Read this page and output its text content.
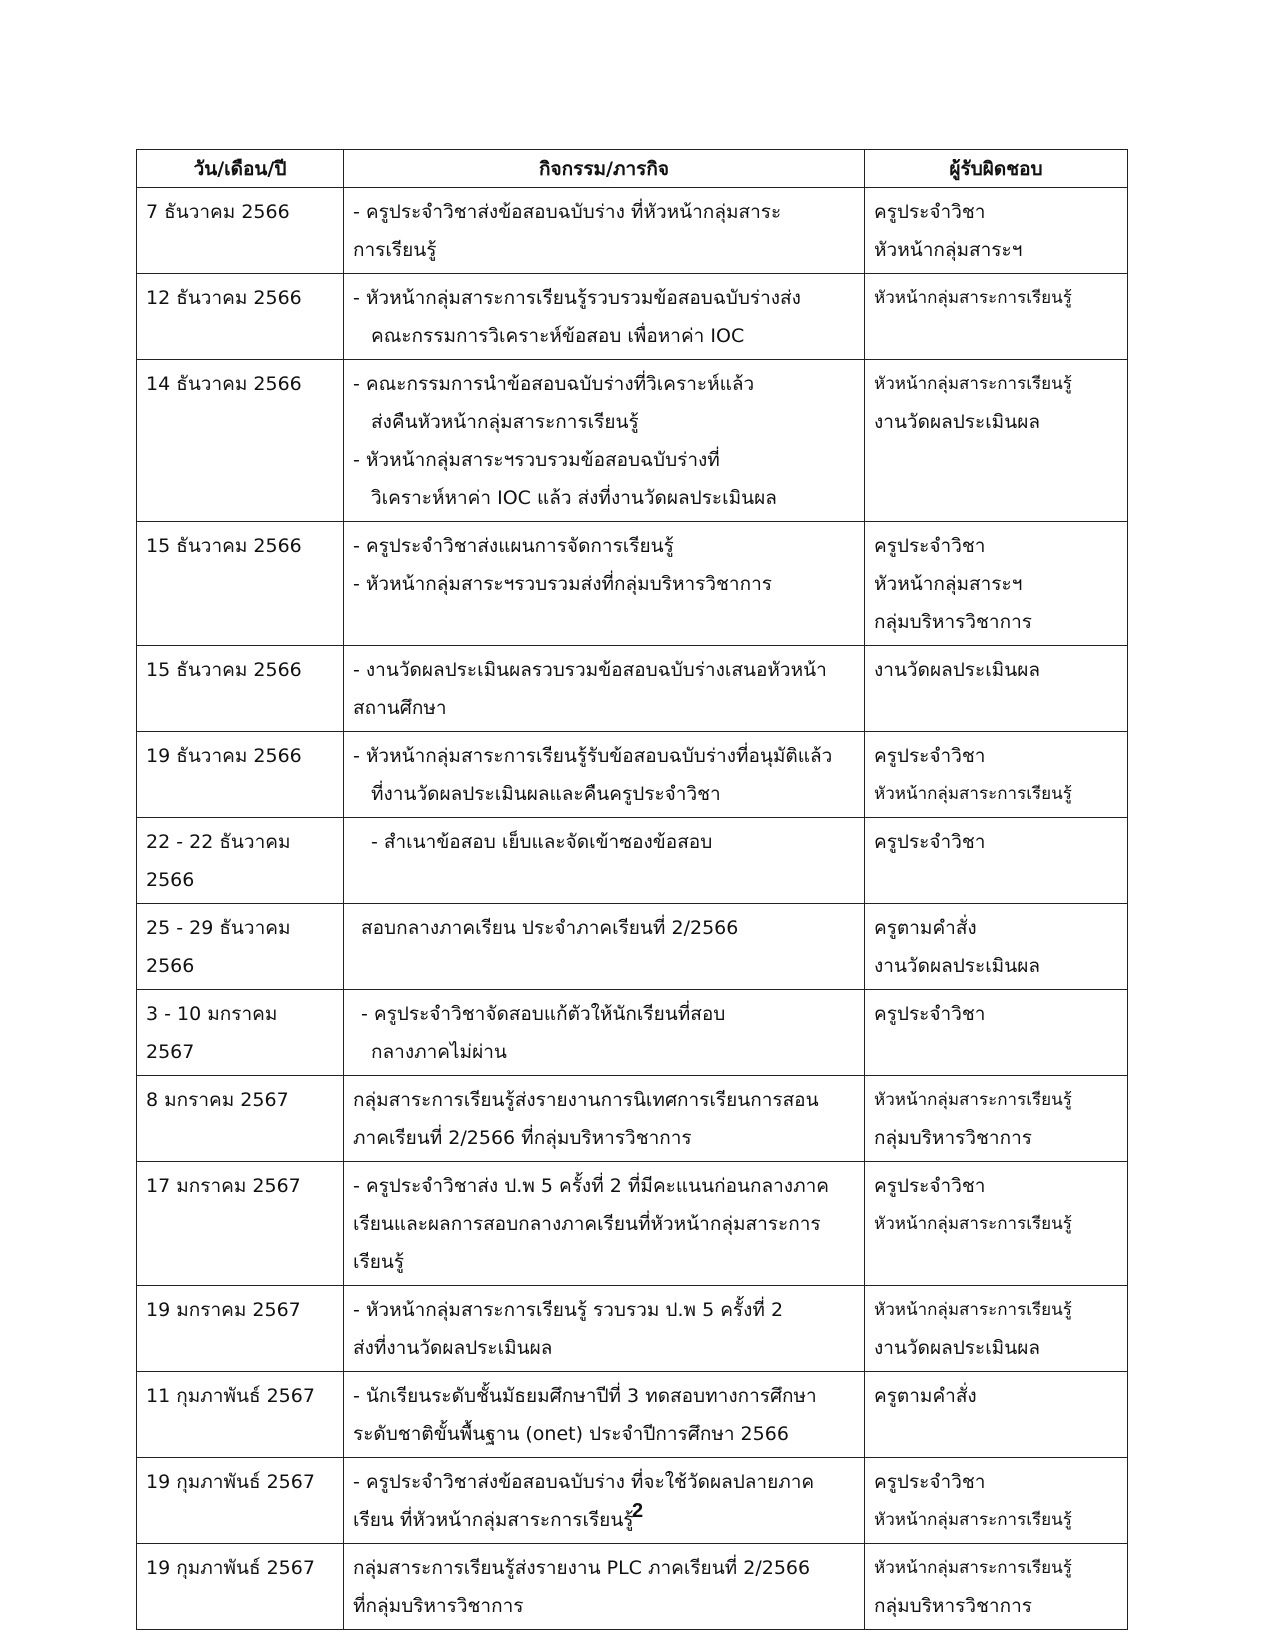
วัน/เดือน/ปี	กิจกรรม/ภารกิจ	ผู้รับผิดชอบ

7 ธันวาคม 2566	- ครูประจำวิชาส่งข้อสอบฉบับร่าง ที่หัวหน้ากลุ่มสาระ
การเรียนรู้	ครูประจำวิชา
หัวหน้ากลุ่มสาระฯ

12 ธันวาคม 2566	- หัวหน้ากลุ่มสาระการเรียนรู้รวบรวมข้อสอบฉบับร่างส่ง
คณะกรรมการวิเคราะห์ข้อสอบ เพื่อหาค่า IOC	หัวหน้ากลุ่มสาระการเรียนรู้

14 ธันวาคม 2566	- คณะกรรมการนำข้อสอบฉบับร่างที่วิเคราะห์แล้ว
ส่งคืนหัวหน้ากลุ่มสาระการเรียนรู้
- หัวหน้ากลุ่มสาระฯรวบรวมข้อสอบฉบับร่างที่
วิเคราะห์หาค่า IOC แล้ว ส่งที่งานวัดผลประเมินผล	หัวหน้ากลุ่มสาระการเรียนรู้
งานวัดผลประเมินผล

15 ธันวาคม 2566	- ครูประจำวิชาส่งแผนการจัดการเรียนรู้
- หัวหน้ากลุ่มสาระฯรวบรวมส่งที่กลุ่มบริหารวิชาการ	ครูประจำวิชา
หัวหน้ากลุ่มสาระฯ
กลุ่มบริหารวิชาการ

15 ธันวาคม 2566	- งานวัดผลประเมินผลรวบรวมข้อสอบฉบับร่างเสนอหัวหน้า
สถานศึกษา	งานวัดผลประเมินผล

19 ธันวาคม 2566	- หัวหน้ากลุ่มสาระการเรียนรู้รับข้อสอบฉบับร่างที่อนุมัติแล้ว
ที่งานวัดผลประเมินผลและคืนครูประจำวิชา	ครูประจำวิชา
หัวหน้ากลุ่มสาระการเรียนรู้

22 - 22 ธันวาคม
2566	- สำเนาข้อสอบ เย็บและจัดเข้าซองข้อสอบ	ครูประจำวิชา

25 - 29 ธันวาคม
2566	สอบกลางภาคเรียน ประจำภาคเรียนที่ 2/2566	ครูตามคำสั่ง
งานวัดผลประเมินผล

3 - 10 มกราคม
2567	- ครูประจำวิชาจัดสอบแก้ตัวให้นักเรียนที่สอบ
กลางภาคไม่ผ่าน	ครูประจำวิชา

8 มกราคม 2567	กลุ่มสาระการเรียนรู้ส่งรายงานการนิเทศการเรียนการสอน
ภาคเรียนที่ 2/2566 ที่กลุ่มบริหารวิชาการ	หัวหน้ากลุ่มสาระการเรียนรู้
กลุ่มบริหารวิชาการ

17 มกราคม 2567	- ครูประจำวิชาส่ง ป.พ 5 ครั้งที่ 2 ที่มีคะแนนก่อนกลางภาค
เรียนและผลการสอบกลางภาคเรียนที่หัวหน้ากลุ่มสาระการ
เรียนรู้	ครูประจำวิชา
หัวหน้ากลุ่มสาระการเรียนรู้

19 มกราคม 2567	- หัวหน้ากลุ่มสาระการเรียนรู้ รวบรวม ป.พ 5 ครั้งที่ 2
ส่งที่งานวัดผลประเมินผล	หัวหน้ากลุ่มสาระการเรียนรู้
งานวัดผลประเมินผล

11 กุมภาพันธ์ 2567	- นักเรียนระดับชั้นมัธยมศึกษาปีที่ 3 ทดสอบทางการศึกษา
ระดับชาติขั้นพื้นฐาน (onet) ประจำปีการศึกษา 2566	ครูตามคำสั่ง

19 กุมภาพันธ์ 2567	- ครูประจำวิชาส่งข้อสอบฉบับร่าง ที่จะใช้วัดผลปลายภาค
เรียน ที่หัวหน้ากลุ่มสาระการเรียนรู้	ครูประจำวิชา
หัวหน้ากลุ่มสาระการเรียนรู้

19 กุมภาพันธ์ 2567	กลุ่มสาระการเรียนรู้ส่งรายงาน PLC ภาคเรียนที่ 2/2566
ที่กลุ่มบริหารวิชาการ	หัวหน้ากลุ่มสาระการเรียนรู้
กลุ่มบริหารวิชาการ
2
